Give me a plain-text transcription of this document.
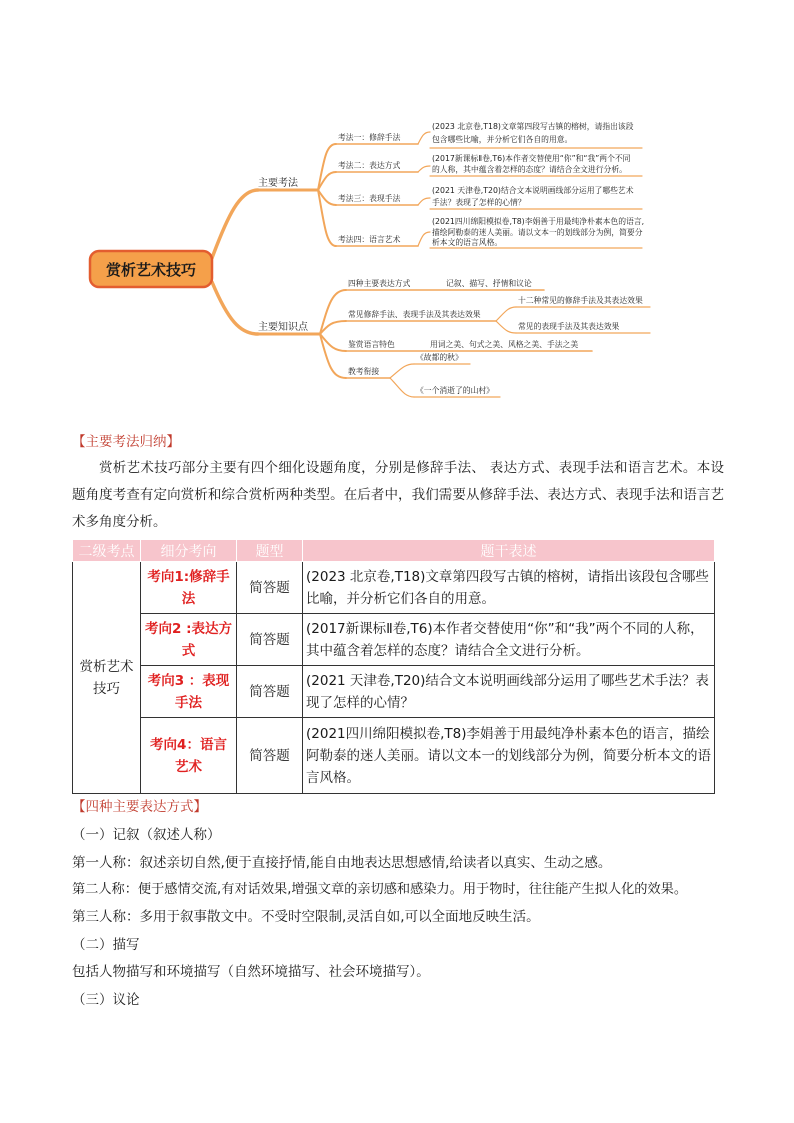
赏析艺术技巧
主要考法
主要知识点
考法一：修辞手法
(2023 北京卷,T18)文章第四段写古镇的榕树，请指出该段
包含哪些比喻，并分析它们各自的用意。
考法二：表达方式
(2017新课标Ⅱ卷,T6)本作者交替使用“你”和“我”两个不同
的人称，其中蕴含着怎样的态度？请结合全文进行分析。
考法三：表现手法
(2021 天津卷,T20)结合文本说明画线部分运用了哪些艺术
手法？表现了怎样的心情？
考法四：语言艺术
(2021四川绵阳模拟卷,T8)李娟善于用最纯净朴素本色的语言,
描绘阿勒泰的迷人美丽。请以文本一的划线部分为例，简要分
析本文的语言风格。
四种主要表达方式	记叙、描写、抒情和议论
常见修辞手法、表现手法及其表达效果
十二种常见的修辞手法及其表达效果
常见的表现手法及其表达效果
鉴赏语言特色	用词之美、句式之美、风格之美、手法之美
教考衔接
《故都的秋》
《一个消逝了的山村》
【主要考法归纳】
赏析艺术技巧部分主要有四个细化设题角度，分别是修辞手法、 表达方式、表现手法和语言艺术。本设题角度考查有定向赏析和综合赏析两种类型。在后者中，我们需要从修辞手法、表达方式、表现手法和语言艺术多角度分析。
二级考点	细分考向	题型	题干表述
赏析艺术技巧	考向1:修辞手法	简答题	(2023 北京卷,T18)文章第四段写古镇的榕树，请指出该段包含哪些比喻，并分析它们各自的用意。
	考向2 :表达方式	简答题	(2017新课标Ⅱ卷,T6)本作者交替使用“你”和“我”两个不同的人称，其中蕴含着怎样的态度？请结合全文进行分析。
	考向3 ：表现手法	简答题	(2021 天津卷,T20)结合文本说明画线部分运用了哪些艺术手法？表现了怎样的心情？
	考向4：语言艺术	简答题	(2021四川绵阳模拟卷,T8)李娟善于用最纯净朴素本色的语言，描绘阿勒泰的迷人美丽。请以文本一的划线部分为例，简要分析本文的语言风格。
【四种主要表达方式】
（一）记叙（叙述人称）
第一人称：叙述亲切自然,便于直接抒情,能自由地表达思想感情,给读者以真实、生动之感。
第二人称：便于感情交流,有对话效果,增强文章的亲切感和感染力。用于物时，往往能产生拟人化的效果。
第三人称：多用于叙事散文中。不受时空限制,灵活自如,可以全面地反映生活。
（二）描写
包括人物描写和环境描写（自然环境描写、社会环境描写）。
（三）议论
